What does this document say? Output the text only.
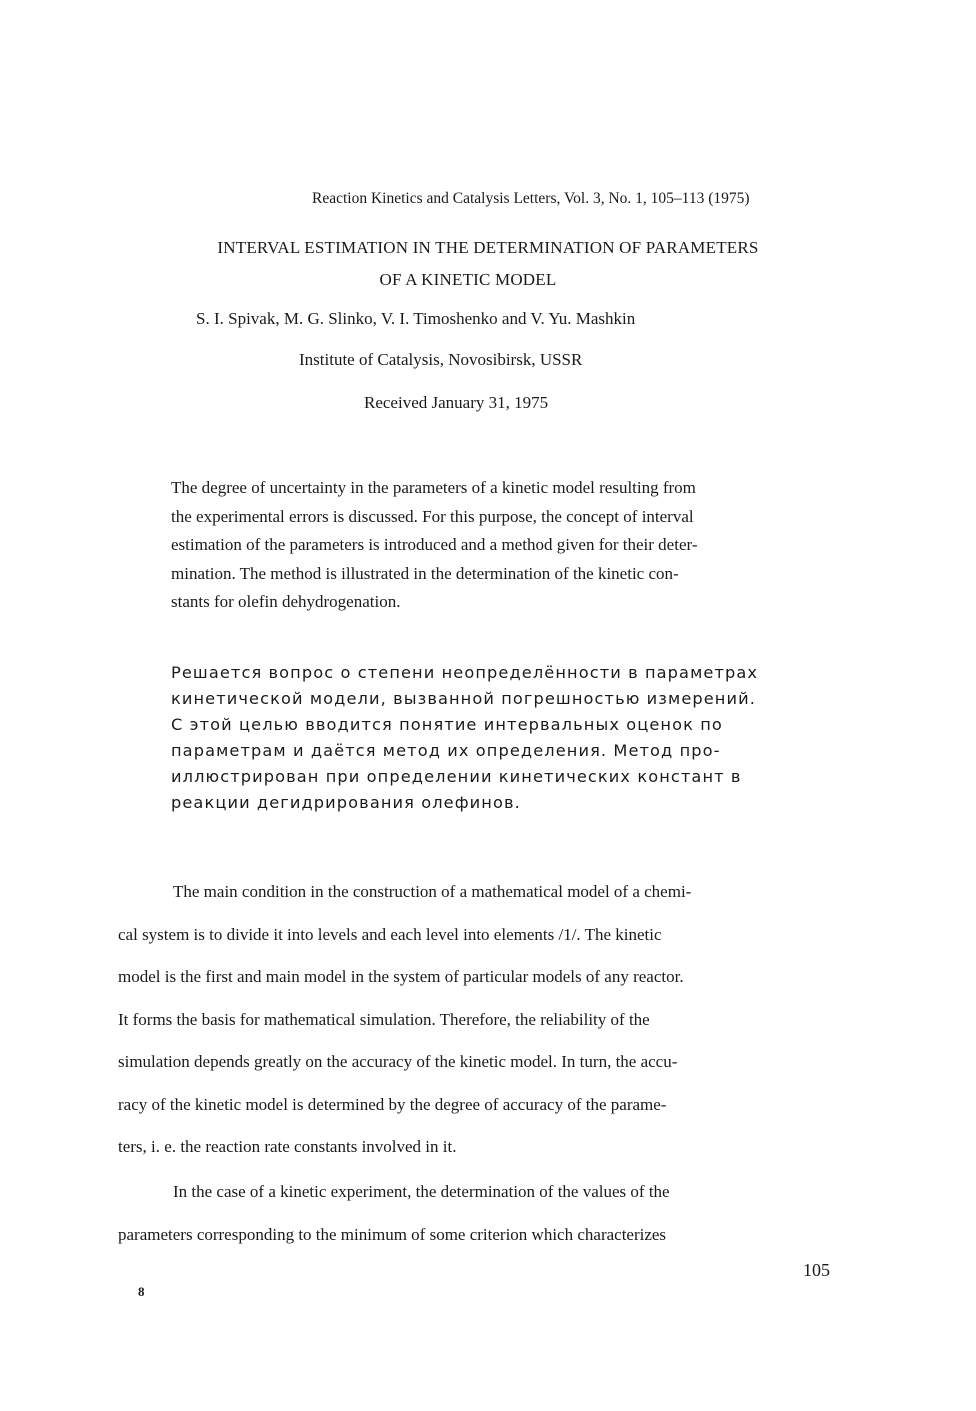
Reaction Kinetics and Catalysis Letters, Vol. 3, No. 1, 105–113 (1975)
INTERVAL ESTIMATION IN THE DETERMINATION OF PARAMETERS
OF A KINETIC MODEL
S. I. Spivak, M. G. Slinko, V. I. Timoshenko and V. Yu. Mashkin
Institute of Catalysis, Novosibirsk, USSR
Received January 31, 1975
The degree of uncertainty in the parameters of a kinetic model resulting from
the experimental errors is discussed. For this purpose, the concept of interval
estimation of the parameters is introduced and a method given for their deter-
mination. The method is illustrated in the determination of the kinetic con-
stants for olefin dehydrogenation.
Решается вопрос о степени неопределённости в параметрах
кинетической модели, вызванной погрешностью измерений.
С этой целью вводится понятие интервальных оценок по
параметрам и даётся метод их определения. Метод про-
иллюстрирован при определении кинетических констант в
реакции дегидрирования олефинов.
The main condition in the construction of a mathematical model of a chemi-
cal system is to divide it into levels and each level into elements /1/. The kinetic
model is the first and main model in the system of particular models of any reactor.
It forms the basis for mathematical simulation. Therefore, the reliability of the
simulation depends greatly on the accuracy of the kinetic model. In turn, the accu-
racy of the kinetic model is determined by the degree of accuracy of the parame-
ters, i. e. the reaction rate constants involved in it.
In the case of a kinetic experiment, the determination of the values of the
parameters corresponding to the minimum of some criterion which characterizes
105
8
